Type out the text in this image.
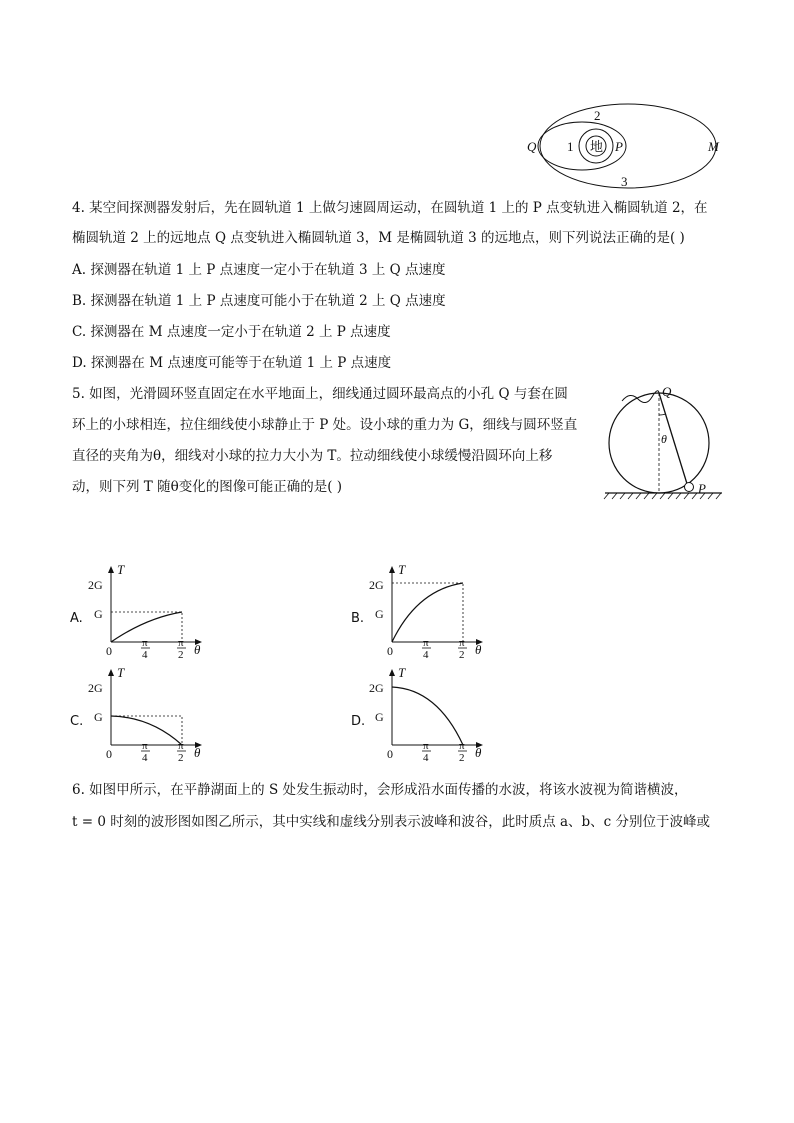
地
1
2
3
Q	P	M
4. 某空间探测器发射后，先在圆轨道 1 上做匀速圆周运动，在圆轨道 1 上的 P 点变轨进入椭圆轨道 2，在
椭圆轨道 2 上的远地点 Q 点变轨进入椭圆轨道 3，M 是椭圆轨道 3 的远地点，则下列说法正确的是( )
A. 探测器在轨道 1 上 P 点速度一定小于在轨道 3 上 Q 点速度
B. 探测器在轨道 1 上 P 点速度可能小于在轨道 2 上 Q 点速度
C. 探测器在 M 点速度一定小于在轨道 2 上 P 点速度
D. 探测器在 M 点速度可能等于在轨道 1 上 P 点速度
5. 如图，光滑圆环竖直固定在水平地面上，细线通过圆环最高点的小孔 Q 与套在圆
环上的小球相连，拉住细线使小球静止于 P 处。设小球的重力为 G，细线与圆环竖直
直径的夹角为θ，细线对小球的拉力大小为 T。拉动细线使小球缓慢沿圆环向上移
动，则下列 T 随θ变化的图像可能正确的是( )
Q
θ
P
A.
T
θ
2G
G
0
π
4
π
2
B.
T
θ
2G
G
0
π
4
π
2
C.
T
θ
2G
G
0
π
4
π
2
D.
T
θ
2G
G
0
π
4
π
2
6. 如图甲所示，在平静湖面上的 S 处发生振动时，会形成沿水面传播的水波，将该水波视为简谐横波，
t = 0 时刻的波形图如图乙所示，其中实线和虚线分别表示波峰和波谷，此时质点 a、b、c 分别位于波峰或
